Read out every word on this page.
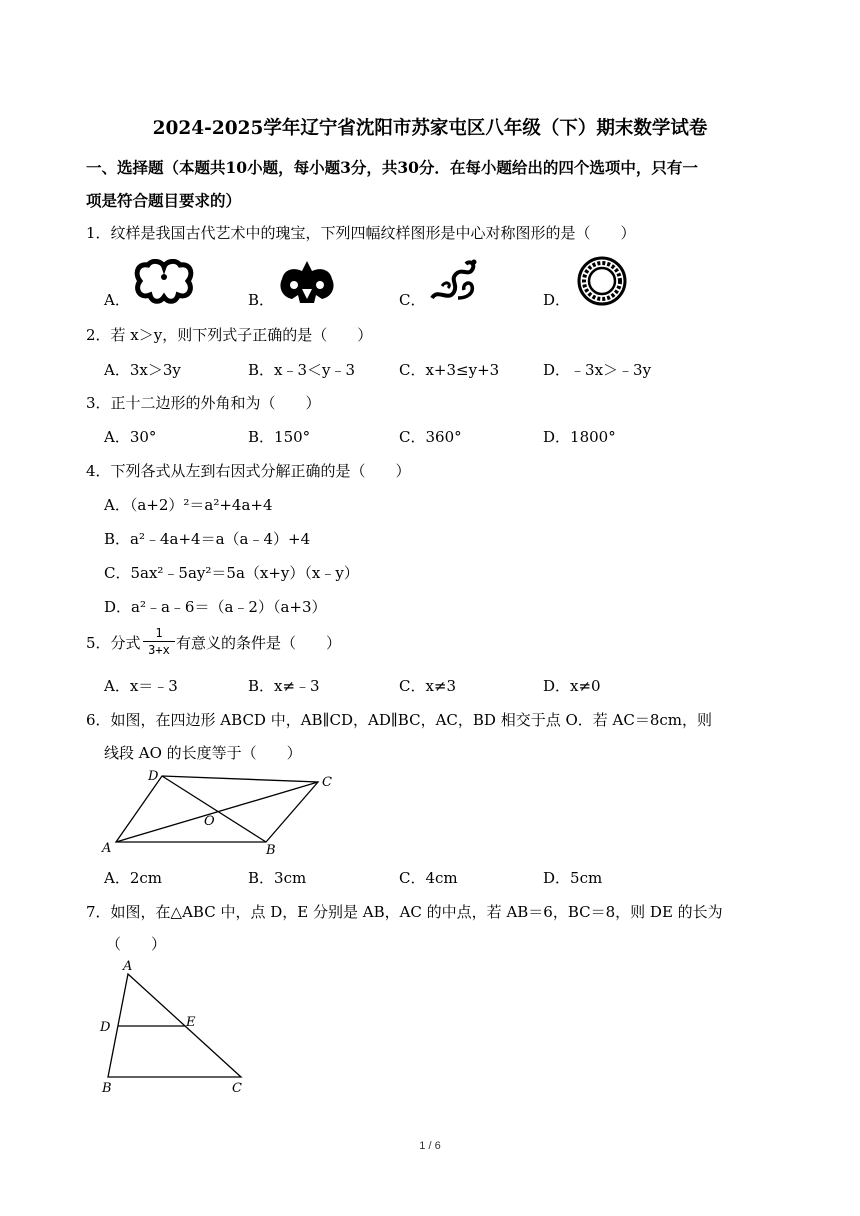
2024-2025学年辽宁省沈阳市苏家屯区八年级（下）期末数学试卷
一、选择题（本题共10小题，每小题3分，共30分．在每小题给出的四个选项中，只有一
项是符合题目要求的）
1．纹样是我国古代艺术中的瑰宝，下列四幅纹样图形是中心对称图形的是（　　）
A．	B．	C．	D．
2．若 x＞y，则下列式子正确的是（　　）
A．3x＞3y	B．x﹣3＜y﹣3	C．x+3≤y+3	D．﹣3x＞﹣3y
3．正十二边形的外角和为（　　）
A．30°	B．150°	C．360°	D．1800°
4．下列各式从左到右因式分解正确的是（　　）
A．（a+2）²＝a²+4a+4
B．a²﹣4a+4＝a（a﹣4）+4
C．5ax²﹣5ay²＝5a（x+y）（x﹣y）
D．a²﹣a﹣6＝（a﹣2）（a+3）
5．分式
1
3+x 有意义的条件是（　　）
A．x＝﹣3	B．x≠﹣3	C．x≠3	D．x≠0
6．如图，在四边形 ABCD 中，AB∥CD，AD∥BC，AC，BD 相交于点 O．若 AC＝8cm，则
线段 AO 的长度等于（　　）
D	C
O
A	B
A．2cm	B．3cm	C．4cm	D．5cm
7．如图，在△ABC 中，点 D，E 分别是 AB，AC 的中点，若 AB＝6，BC＝8，则 DE 的长为
（　　）
A
D	E
B	C
1 / 6
